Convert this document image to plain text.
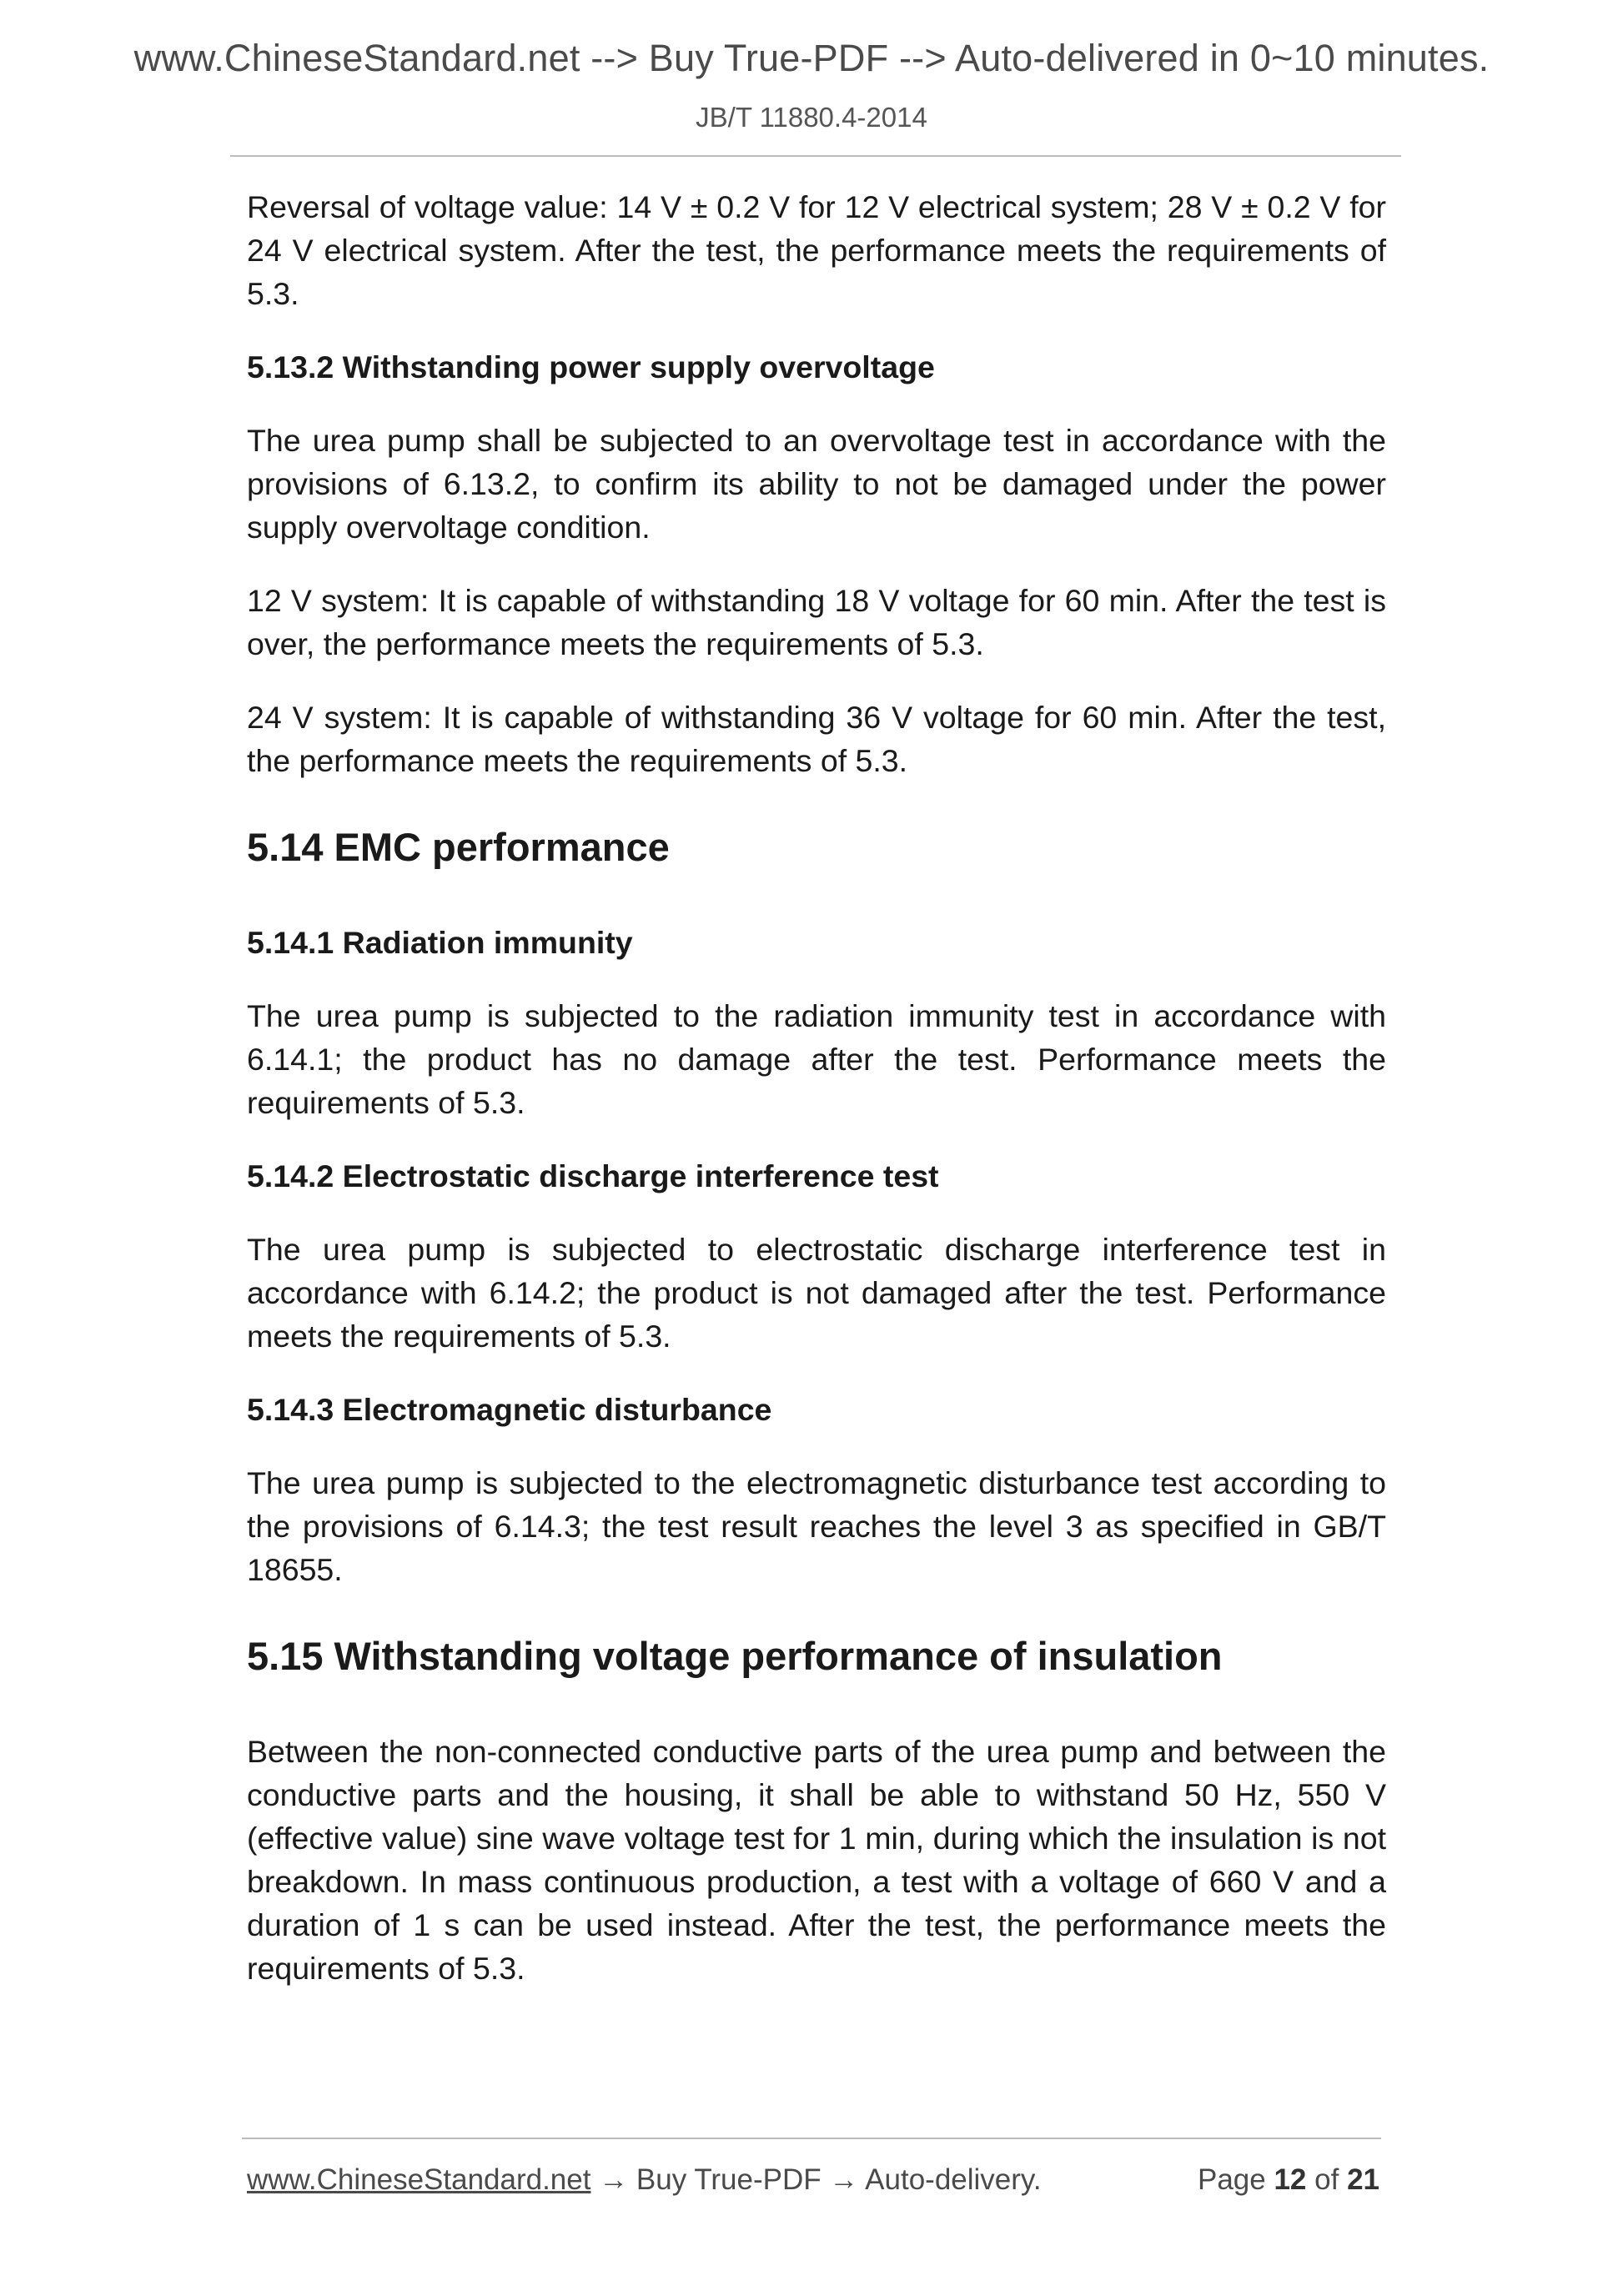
www.ChineseStandard.net --> Buy True-PDF --> Auto-delivered in 0~10 minutes.
JB/T 11880.4-2014

Reversal of voltage value: 14 V ± 0.2 V for 12 V electrical system; 28 V ± 0.2 V for 24 V electrical system. After the test, the performance meets the requirements of 5.3.

5.13.2 Withstanding power supply overvoltage

The urea pump shall be subjected to an overvoltage test in accordance with the provisions of 6.13.2, to confirm its ability to not be damaged under the power supply overvoltage condition.

12 V system: It is capable of withstanding 18 V voltage for 60 min. After the test is over, the performance meets the requirements of 5.3.

24 V system: It is capable of withstanding 36 V voltage for 60 min. After the test, the performance meets the requirements of 5.3.

5.14 EMC performance
5.14.1 Radiation immunity

The urea pump is subjected to the radiation immunity test in accordance with 6.14.1; the product has no damage after the test. Performance meets the requirements of 5.3.

5.14.2 Electrostatic discharge interference test

The urea pump is subjected to electrostatic discharge interference test in accordance with 6.14.2; the product is not damaged after the test. Performance meets the requirements of 5.3.

5.14.3 Electromagnetic disturbance

The urea pump is subjected to the electromagnetic disturbance test according to the provisions of 6.14.3; the test result reaches the level 3 as specified in GB/T 18655.

5.15 Withstanding voltage performance of insulation

Between the non-connected conductive parts of the urea pump and between the conductive parts and the housing, it shall be able to withstand 50 Hz, 550 V (effective value) sine wave voltage test for 1 min, during which the insulation is not breakdown. In mass continuous production, a test with a voltage of 660 V and a duration of 1 s can be used instead. After the test, the performance meets the requirements of 5.3.

www.ChineseStandard.net → Buy True-PDF → Auto-delivery.	Page 12 of 21
